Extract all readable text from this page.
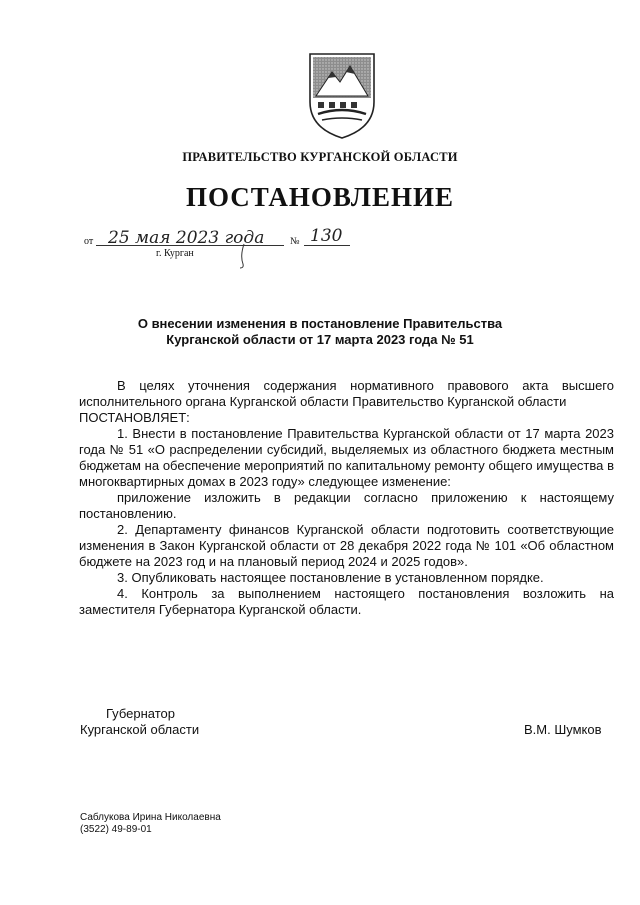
ПРАВИТЕЛЬСТВО КУРГАНСКОЙ ОБЛАСТИ
ПОСТАНОВЛЕНИЕ
от 25 мая 2023 года	№ 130
г. Курган
О внесении изменения в постановление Правительства
Курганской области от 17 марта 2023 года № 51

В целях уточнения содержания нормативного правового акта высшего исполнительного органа Курганской области Правительство Курганской области

ПОСТАНОВЛЯЕТ:

1. Внести в постановление Правительства Курганской области от 17 марта 2023 года № 51 «О распределении субсидий, выделяемых из областного бюджета местным бюджетам на обеспечение мероприятий по капитальному ремонту общего имущества в многоквартирных домах в 2023 году» следующее изменение:

приложение изложить в редакции согласно приложению к настоящему постановлению.

2. Департаменту финансов Курганской области подготовить соответствующие изменения в Закон Курганской области от 28 декабря 2022 года № 101 «Об областном бюджете на 2023 год и на плановый период 2024 и 2025 годов».

3. Опубликовать настоящее постановление в установленном порядке.

4. Контроль за выполнением настоящего постановления возложить на заместителя Губернатора Курганской области.

Губернатор
Курганской области	В.М. Шумков
Саблукова Ирина Николаевна
(3522) 49-89-01
